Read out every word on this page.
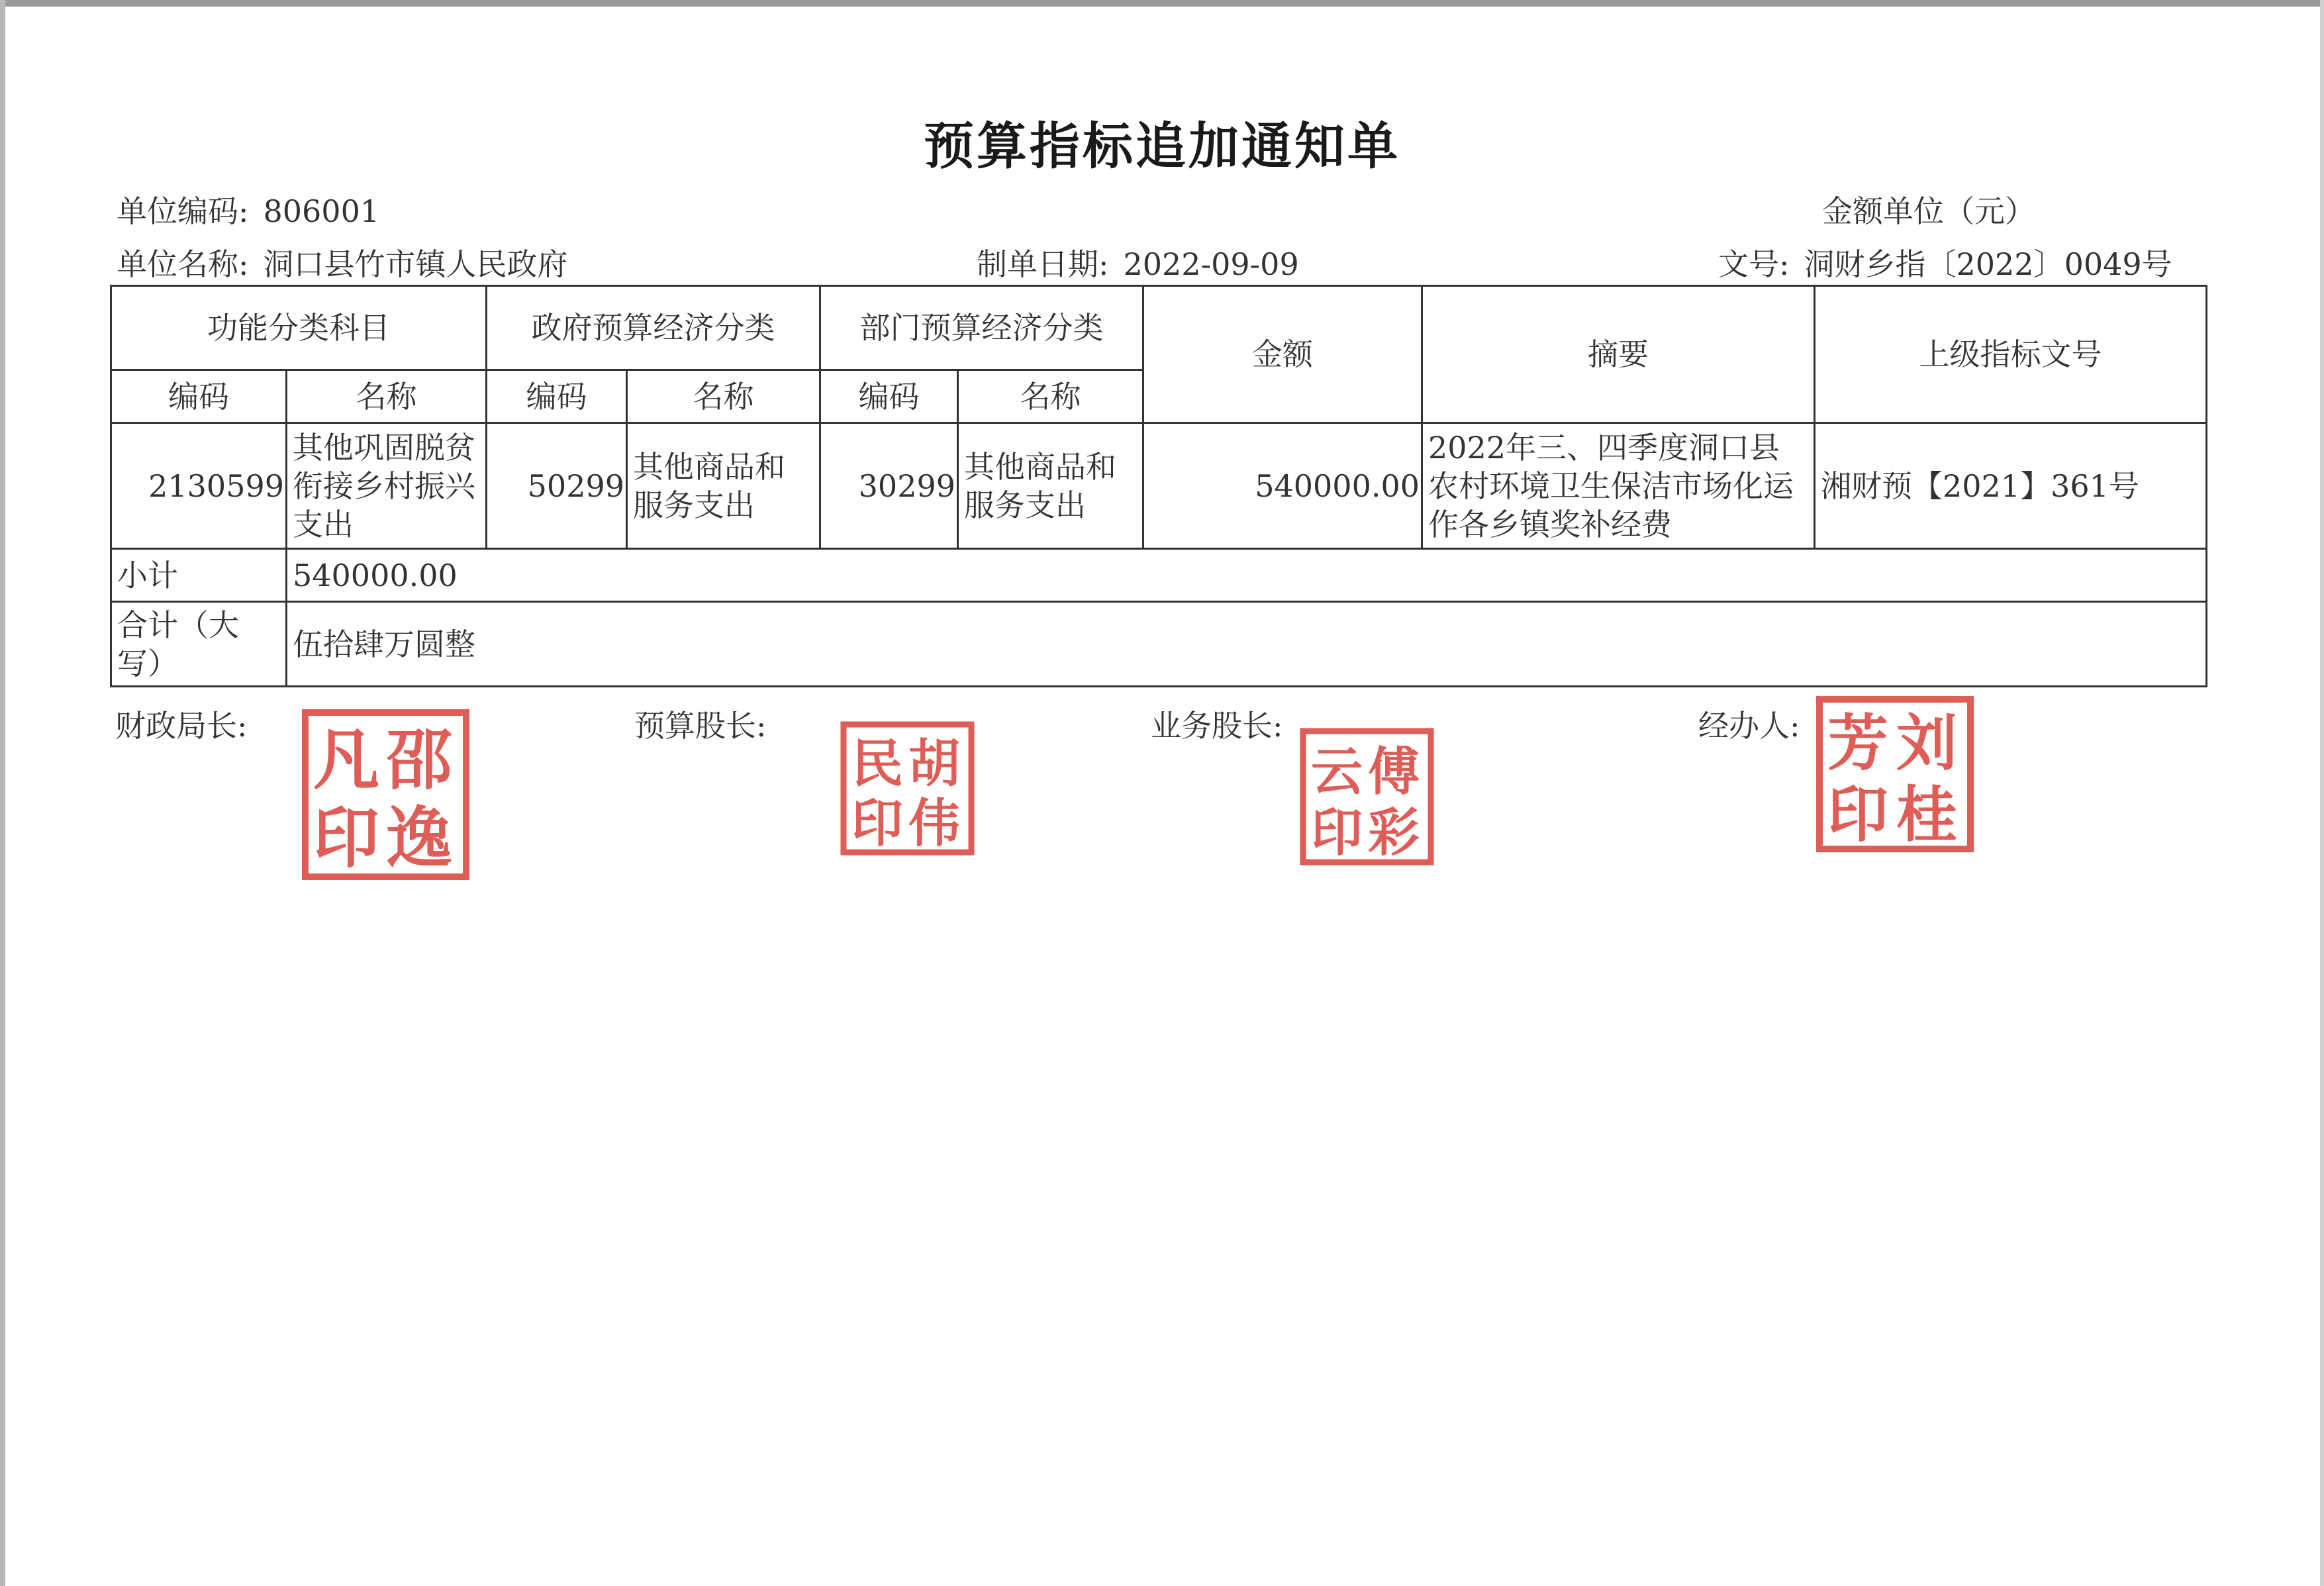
预算指标追加通知单
单位编码: 806001	金额单位（元）
单位名称: 洞口县竹市镇人民政府	制单日期: 2022-09-09	文号: 洞财乡指〔2022〕0049号
功能分类科目		政府预算经济分类		部门预算经济分类		金额	摘要	上级指标文号
编码	名称	编码	名称	编码	名称			
2130599	其他巩固脱贫衔接乡村振兴支出	50299	其他商品和服务支出	30299	其他商品和服务支出	540000.00	2022年三、四季度洞口县农村环境卫生保洁市场化运作各乡镇奖补经费	湘财预【2021】361号
小计	540000.00							
合计（大写）	伍拾肆万圆整							
财政局长:	预算股长:	业务股长:	经办人:
邵
逸
凡
印
胡
伟
民
印
傅
彩
云
印
刘
桂
芳
印
